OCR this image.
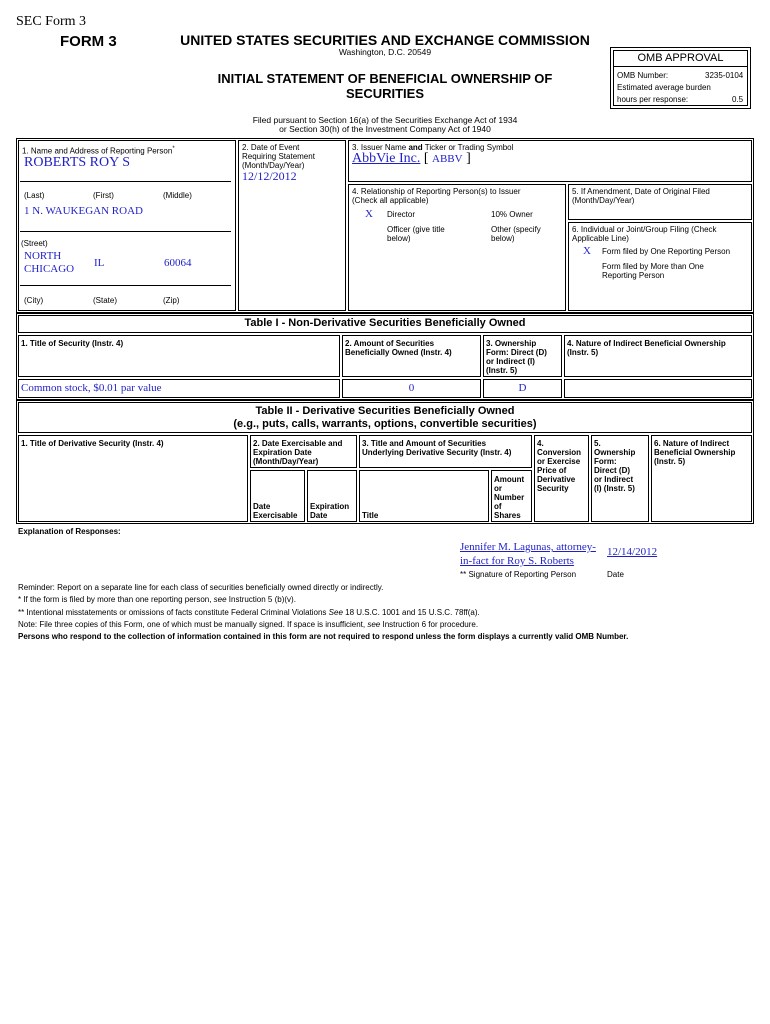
SEC Form 3
FORM 3	UNITED STATES SECURITIES AND EXCHANGE COMMISSION
Washington, D.C. 20549
INITIAL STATEMENT OF BENEFICIAL OWNERSHIP OF SECURITIES
Filed pursuant to Section 16(a) of the Securities Exchange Act of 1934
or Section 30(h) of the Investment Company Act of 1940
OMB APPROVAL
OMB Number:	3235-0104
Estimated average burden
hours per response:	0.5
1. Name and Address of Reporting Person*
ROBERTS ROY S
(Last)	(First)	(Middle)
1 N. WAUKEGAN ROAD
(Street)
NORTH
CHICAGO IL	60064
(City)	(State)	(Zip)
2. Date of Event
Requiring Statement
(Month/Day/Year)
12/12/2012
3. Issuer Name and Ticker or Trading Symbol
AbbVie Inc. [ ABBV ]
4. Relationship of Reporting Person(s) to Issuer
(Check all applicable)
X Director	10% Owner
Officer (give title
below)
Other (specify
below)
5. If Amendment, Date of Original Filed
(Month/Day/Year)
6. Individual or Joint/Group Filing (Check
Applicable Line)
X Form filed by One Reporting Person
Form filed by More than One
Reporting Person
Table I - Non-Derivative Securities Beneficially Owned
1. Title of Security (Instr. 4)	2. Amount of Securities
Beneficially Owned (Instr. 4)
3. Ownership
Form: Direct (D)
or Indirect (I)
(Instr. 5)
4. Nature of Indirect Beneficial Ownership
(Instr. 5)
Common stock, $0.01 par value	0	D
Table II - Derivative Securities Beneficially Owned
(e.g., puts, calls, warrants, options, convertible securities)
1. Title of Derivative Security (Instr. 4)	2. Date Exercisable and
Expiration Date
(Month/Day/Year)
3. Title and Amount of Securities
Underlying Derivative Security (Instr. 4)
4.
Conversion
or Exercise
Price of
Derivative
Security
5.
Ownership
Form:
Direct (D)
or Indirect
(I) (Instr. 5)
6. Nature of Indirect
Beneficial Ownership
(Instr. 5)
Date
Exercisable
Expiration
Date	Title
Amount
or
Number
of
Shares
Explanation of Responses:
Jennifer M. Lagunas, attorney-
in-fact for Roy S. Roberts
12/14/2012
** Signature of Reporting Person	Date
Reminder: Report on a separate line for each class of securities beneficially owned directly or indirectly.
* If the form is filed by more than one reporting person, see Instruction 5 (b)(v).
** Intentional misstatements or omissions of facts constitute Federal Criminal Violations See 18 U.S.C. 1001 and 15 U.S.C. 78ff(a).
Note: File three copies of this Form, one of which must be manually signed. If space is insufficient, see Instruction 6 for procedure.
Persons who respond to the collection of information contained in this form are not required to respond unless the form displays a currently valid OMB Number.
